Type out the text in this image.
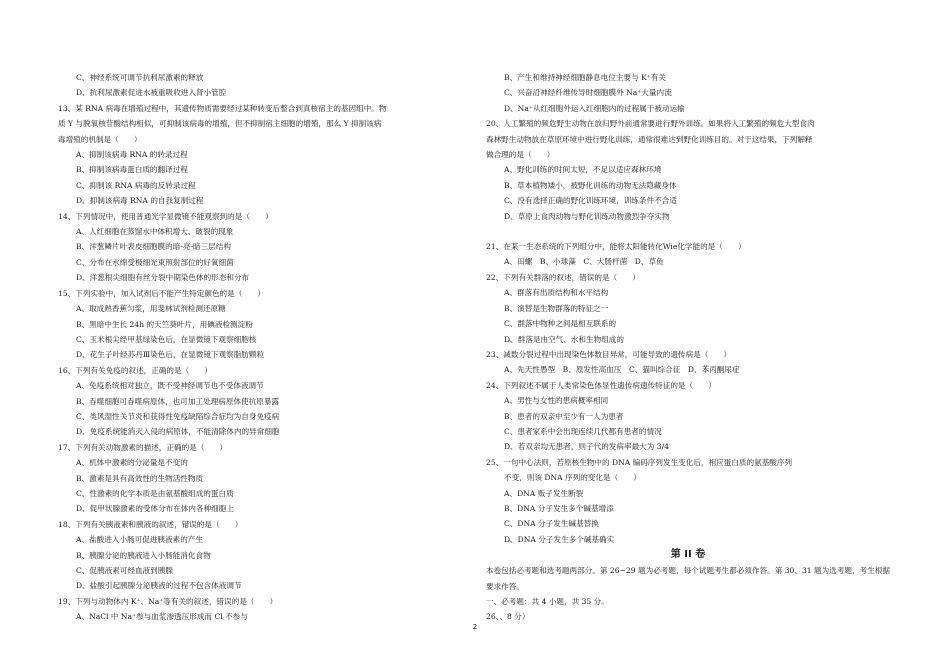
C、神经系统可调节抗利尿激素的释放
D、抗利尿激素促进水被重吸收进入肾小管腔
13、某 RNA 病毒在增殖过程中，其遗传物质需要经过某种转变后整合到真核宿主的基因组中。物
质 Y 与脱氧核苷酸结构相似，可抑制该病毒的增殖，但不抑制宿主细胞的增殖，那么 Y 抑制该病
毒增殖的机制是（　　）
A、抑制该病毒 RNA 的转录过程
B、抑制该病毒蛋白质的翻译过程
C、抑制该 RNA 病毒的反转录过程
D、抑制该病毒 RNA 的自我复制过程
14、下列情况中，使用普通光学显微镜不能观察到的是（　　）
A、人红细胞在蒸馏水中体积增大、破裂的现象
B、洋葱鳞片叶表皮细胞膜的暗-亮-暗三层结构
C、分布在水绵受极细光束照射部位的好氧细菌
D、洋葱根尖细胞有丝分裂中期染色体的形态和分布
15、下列实验中，加入试剂后不能产生特定颜色的是（　　）
A、取成熟香蕉匀浆，用斐林试剂检测还原糖
B、黑暗中生长 24h 的天竺葵叶片，用碘液检测淀粉
C、玉米根尖经甲基绿染色后，在显微镜下观察细胞核
D、花生子叶经苏丹Ⅲ染色后，在显微镜下观察脂肪颗粒
16、下列有关免疫的叙述，正确的是（　　）
A、免疫系统相对独立，既不受神经调节也不受体液调节
B、吞噬细胞可吞噬病原体，也可加工处理病原体使抗原暴露
C、类风湿性关节炎和获得性免疫缺陷综合症均为自身免疫病
D、免疫系统能消灭入侵的病原体，不能清除体内的异常细胞
17、下列有关动物激素的描述，正确的是（　　）
A、机体中激素的分泌量是不变的
B、激素是具有高效性的生物活性物质
C、性激素的化学本质是由氨基酸组成的蛋白质
D、促甲状腺激素的受体分布在体内各种细胞上
18、下列有关胰液素和胰液的叙述，错误的是（　　）
A、盐酸进入小肠可促进胰液素的产生
B、胰腺分泌的胰液进入小肠能消化食物
C、促胰液素可经血液到胰腺
D、盐酸引起胰腺分泌胰液的过程不包含体液调节
19、下列与动物体内 K⁺、Na⁺等有关的叙述，错误的是（　　）
A、NaCl 中 Na⁺参与血浆渗透压形成而 Cl 不参与
B、产生和维持神经细胞静息电位主要与 K⁺有关
C、兴奋沿神经纤维传导时细胞膜外 Na⁺大量内流
D、Na⁺从红细胞外运入红细胞内的过程属于被动运输
20、人工繁殖的频危野生动物在放归野外前通常要进行野外训练。如果将人工繁殖的频危大型食肉
森林野生动物放在草原环境中进行野化训练，通常很难达到野化训练目的。对于这结果，下列解释
做合理的是（　　）
A、野化训练的时间太短，不足以适应森林环境
B、草本植物矮小，被野化训练的动物无法隐藏身体
C、没有选择正确的野化训练环境，训练条件不合适
D、草原上食肉动物与野化训练动物激烈争夺实物
21、在某一生态系统的下列组分中，能将太阳能转化Wie化学能的是（　　）
A、田螺　B、小球藻　C、大肠杆菌　D、草鱼
22、下列有关群落的叙述，错误的是（　　）
A、群落有出质结构和水平结构
B、演替是生物群落的特征之一
C、群落中物种之间是相互联系的
D、群落是由空气、水和生物组成的
23、减数分裂过程中出现染色体数目异常，可能导致的遗传病是（　　）
A、先天性愚型　B、原发性高血压　C、猫叫综合征　D、苯丙酮尿症
24、下列叙述不属于人类常染色体显性遗传病遗传特征的是（　　）
A、男性与女性的患病概率相同
B、患者的双亲中至少有一人为患者
C、患者家系中会出现连续几代都有患者的情况
D、若双亲均无患者，则子代的发病率最大为 3/4
25、一句中心法则，若原核生物中的 DNA 编码序列发生变化后，相应蛋白质的氨基酸序列
不变，则该 DNA 序列的变化是（　　）
A、DNA 贩子发生断裂
B、DNA 分子发生多个碱基增添
C、DNA 分子发生碱基替换
D、DNA 分子发生多个碱基确实
第 II 卷
本卷包括必考题和选考题两部分。第 26~29 题为必考题，每个试题考生都必须作答。第 30、31 题为选考题，考生根据要求作答。
一、必考题：共 4 小题，共 35 分。
26、、8 分）
2
